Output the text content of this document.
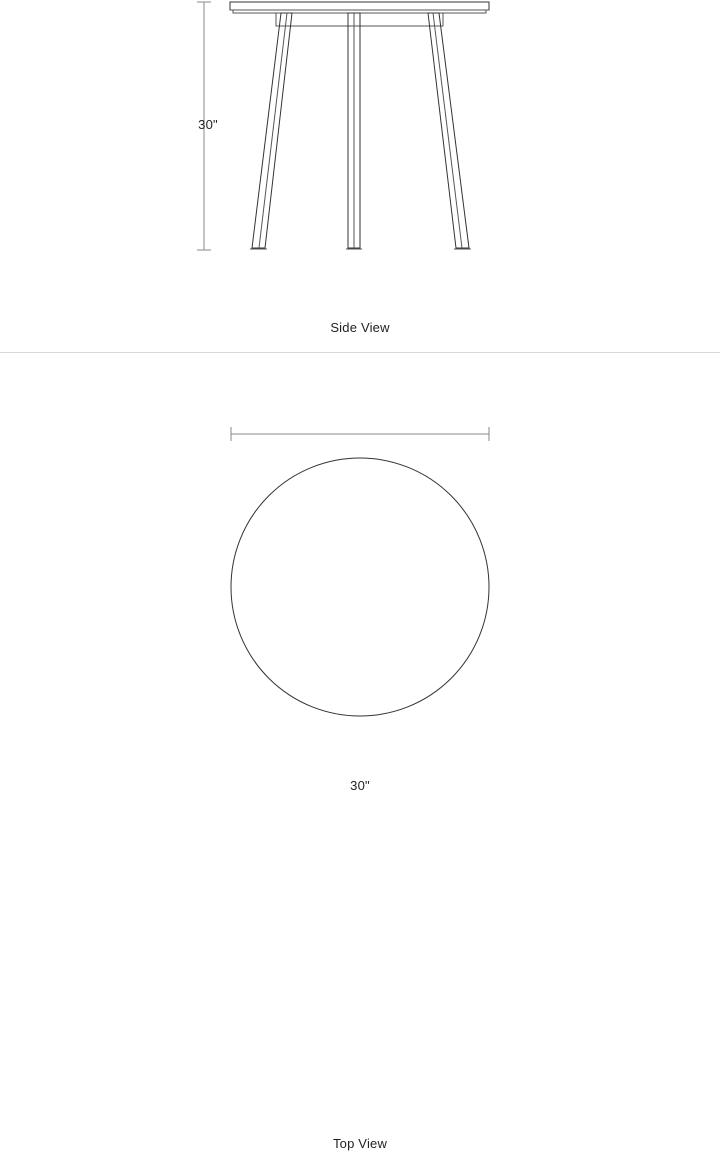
30"
Side View
30"
Top View
